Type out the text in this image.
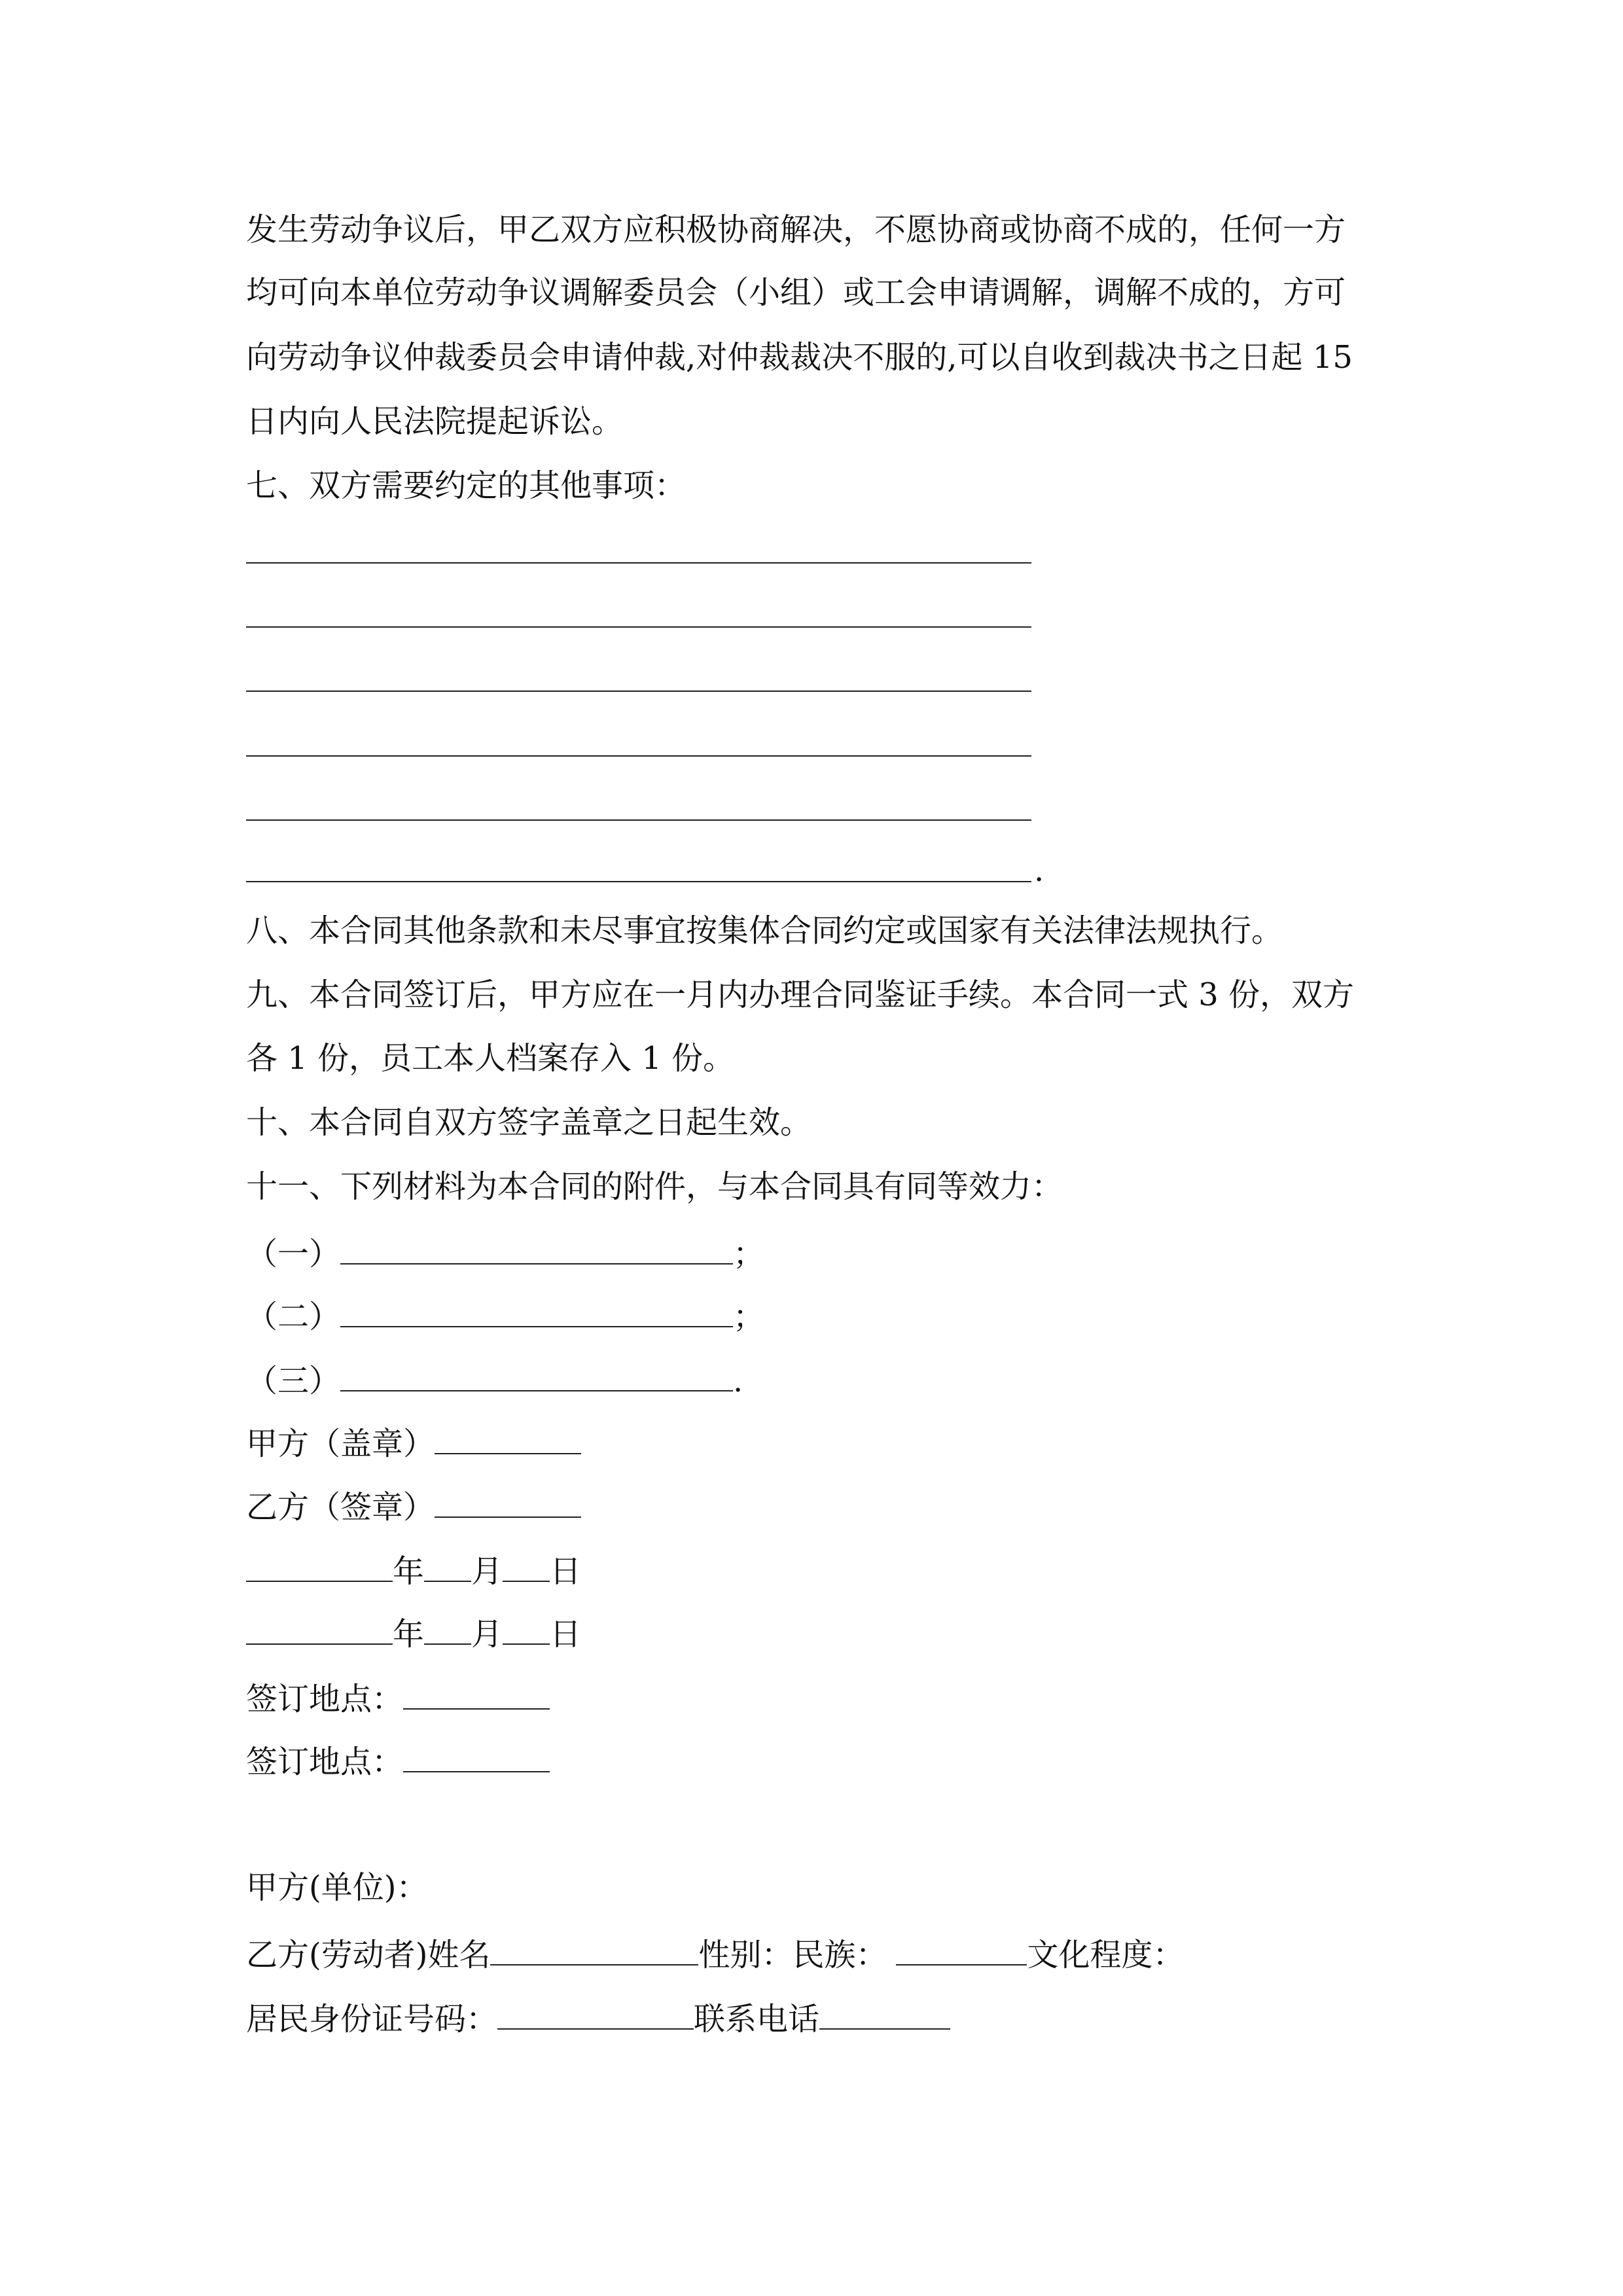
发生劳动争议后，甲乙双方应积极协商解决，不愿协商或协商不成的，任何一方
均可向本单位劳动争议调解委员会（小组）或工会申请调解，调解不成的，方可
向劳动争议仲裁委员会申请仲裁,对仲裁裁决不服的,可以自收到裁决书之日起 15
日内向人民法院提起诉讼。
七、双方需要约定的其他事项：
.
八、本合同其他条款和未尽事宜按集体合同约定或国家有关法律法规执行。
九、本合同签订后，甲方应在一月内办理合同鉴证手续。本合同一式 3 份，双方
各 1 份，员工本人档案存入 1 份。
十、本合同自双方签字盖章之日起生效。
十一、下列材料为本合同的附件，与本合同具有同等效力：
（一）	；
（二）	；
（三）	.
甲方（盖章）
乙方（签章）
年 月 日
年 月 日
签订地点：
签订地点：
甲方(单位)：
乙方(劳动者)姓名	性别：民族：	文化程度：
居民身份证号码：	联系电话
